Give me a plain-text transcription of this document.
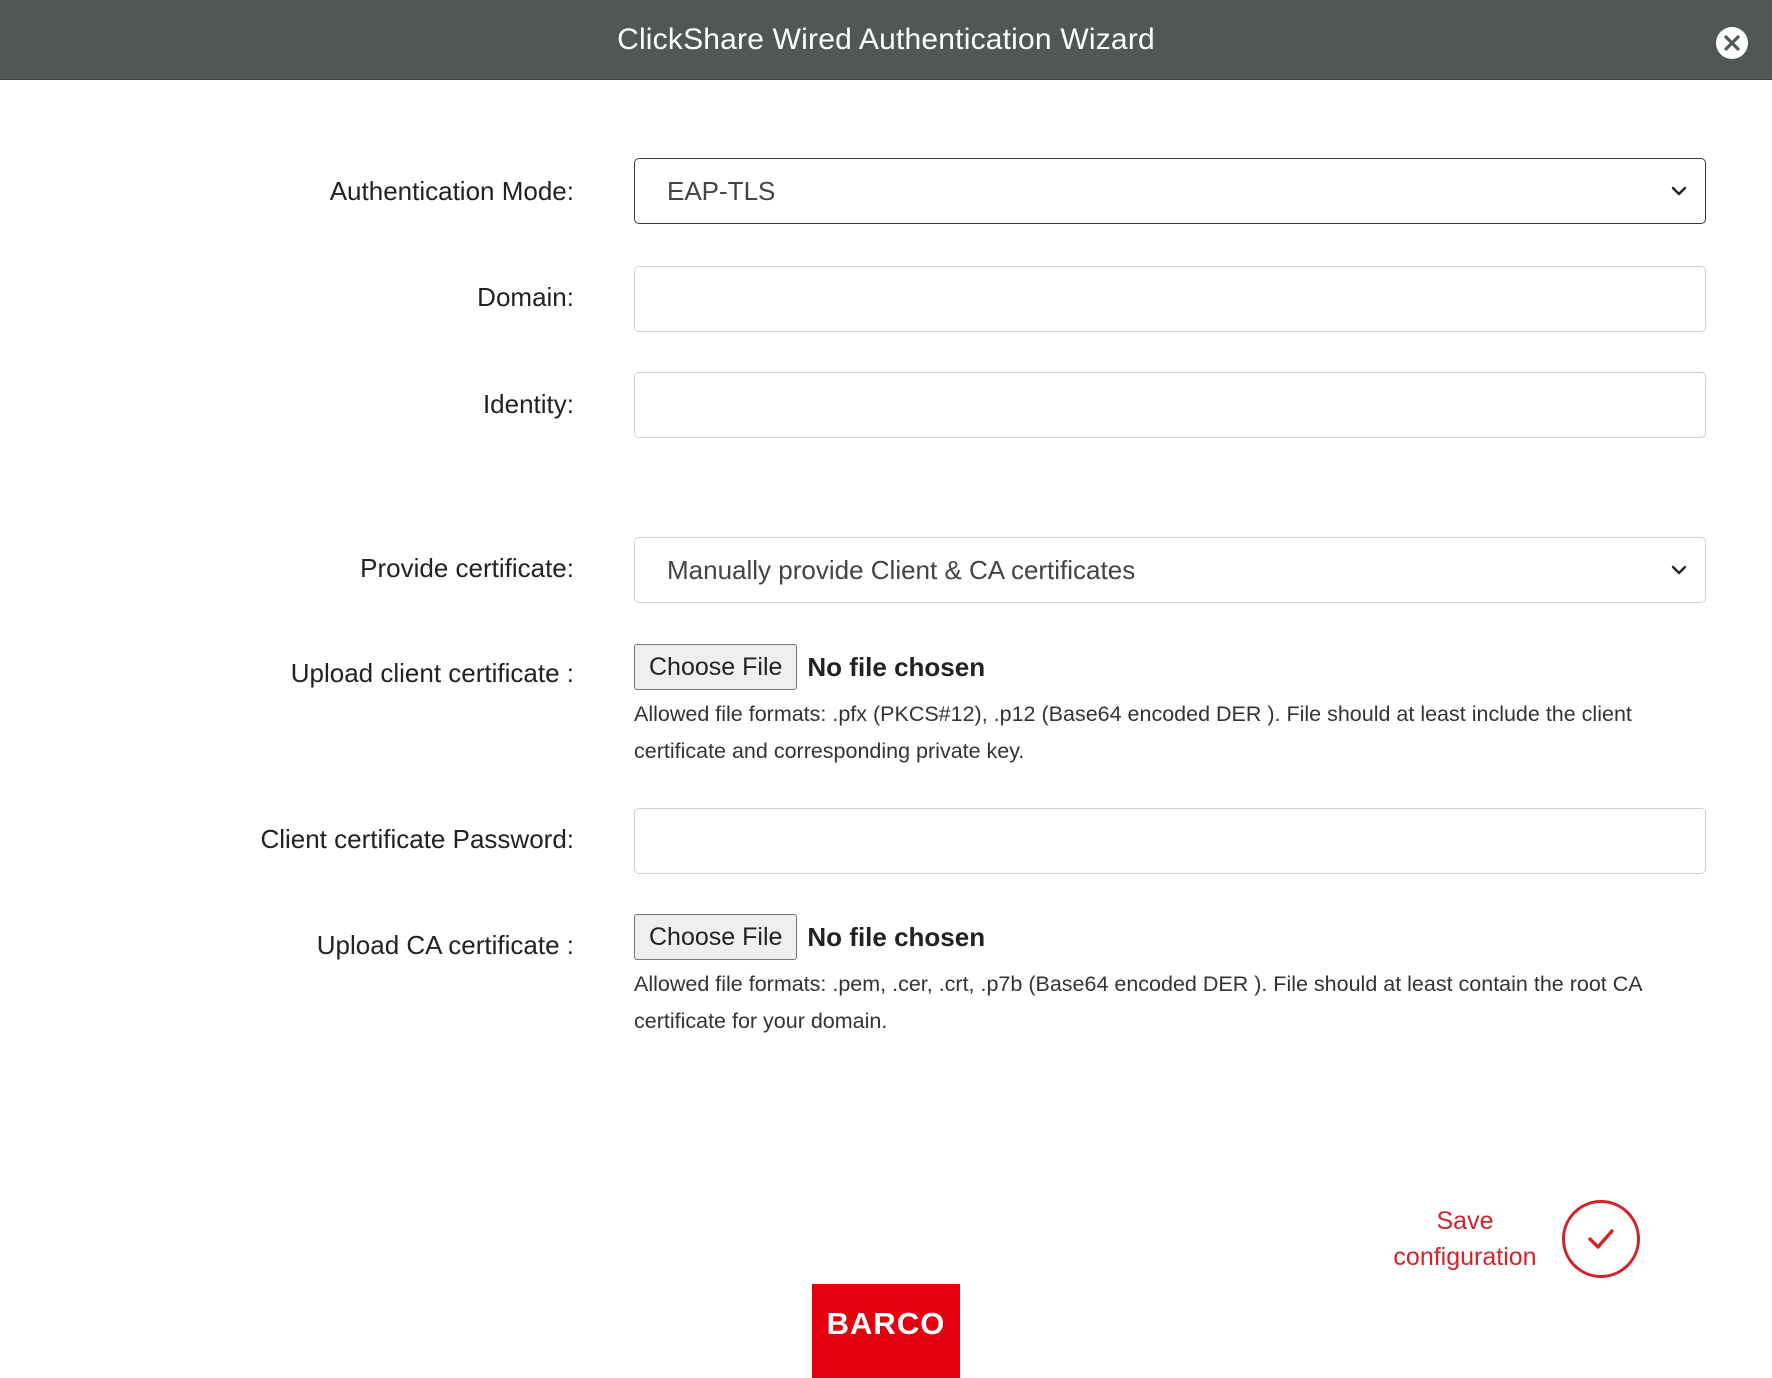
ClickShare Wired Authentication Wizard
Authentication Mode:	EAP-TLS
Domain:
Identity:
Provide certificate:	Manually provide Client & CA certificates
Upload client certificate :	Choose File No file chosen

Allowed file formats: .pfx (PKCS#12), .p12 (Base64 encoded DER ). File should at least include the client certificate and corresponding private key.

Client certificate Password:
Upload CA certificate :	Choose File No file chosen

Allowed file formats: .pem, .cer, .crt, .p7b (Base64 encoded DER ). File should at least contain the root CA certificate for your domain.

Save
configuration
BARCO
